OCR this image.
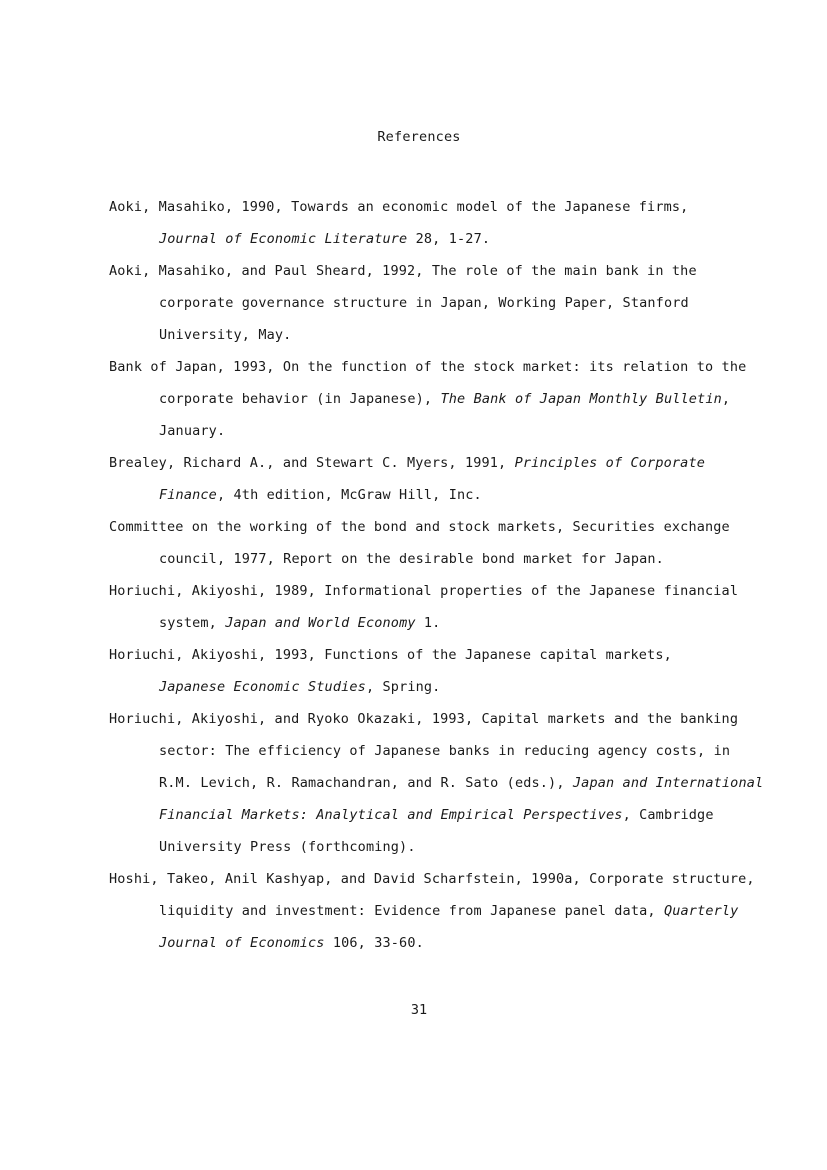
References

Aoki, Masahiko, 1990, Towards an economic model of the Japanese firms,
Journal of Economic Literature 28, 1-27.

Aoki, Masahiko, and Paul Sheard, 1992, The role of the main bank in the corporate governance structure in Japan, Working Paper, Stanford University, May.

Bank of Japan, 1993, On the function of the stock market: its relation to the corporate behavior (in Japanese), The Bank of Japan Monthly Bulletin, January.

Brealey, Richard A., and Stewart C. Myers, 1991, Principles of Corporate Finance, 4th edition, McGraw Hill, Inc.

Committee on the working of the bond and stock markets, Securities exchange council, 1977, Report on the desirable bond market for Japan.

Horiuchi, Akiyoshi, 1989, Informational properties of the Japanese financial system, Japan and World Economy 1.

Horiuchi, Akiyoshi, 1993, Functions of the Japanese capital markets,
Japanese Economic Studies, Spring.

Horiuchi, Akiyoshi, and Ryoko Okazaki, 1993, Capital markets and the banking sector: The efficiency of Japanese banks in reducing agency costs, in R.M. Levich, R. Ramachandran, and R. Sato (eds.), Japan and International Financial Markets: Analytical and Empirical Perspectives, Cambridge University Press (forthcoming).

Hoshi, Takeo, Anil Kashyap, and David Scharfstein, 1990a, Corporate structure, liquidity and investment: Evidence from Japanese panel data, Quarterly Journal of Economics 106, 33-60.

31
